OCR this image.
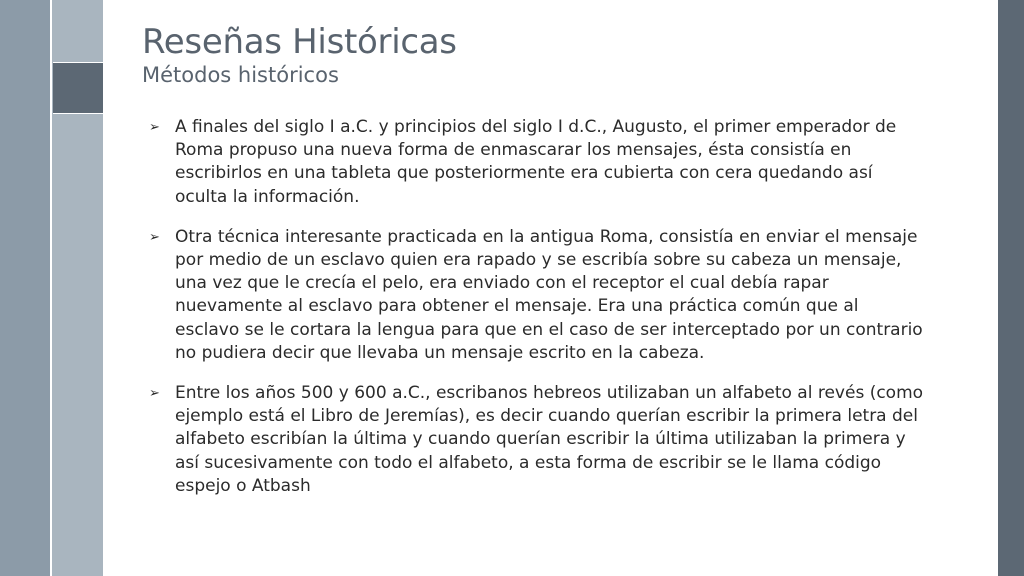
Reseñas Históricas
Métodos históricos
➢ A finales del siglo I a.C. y principios del siglo I d.C., Augusto, el primer emperador de Roma propuso una nueva forma de enmascarar los mensajes, ésta consistía en escribirlos en una tableta que posteriormente era cubierta con cera quedando así oculta la información.
➢ Otra técnica interesante practicada en la antigua Roma, consistía en enviar el mensaje por medio de un esclavo quien era rapado y se escribía sobre su cabeza un mensaje, una vez que le crecía el pelo, era enviado con el receptor el cual debía rapar nuevamente al esclavo para obtener el mensaje. Era una práctica común que al esclavo se le cortara la lengua para que en el caso de ser interceptado por un contrario no pudiera decir que llevaba un mensaje escrito en la cabeza.
➢ Entre los años 500 y 600 a.C., escribanos hebreos utilizaban un alfabeto al revés (como ejemplo está el Libro de Jeremías), es decir cuando querían escribir la primera letra del alfabeto escribían la última y cuando querían escribir la última utilizaban la primera y así sucesivamente con todo el alfabeto, a esta forma de escribir se le llama código espejo o Atbash
